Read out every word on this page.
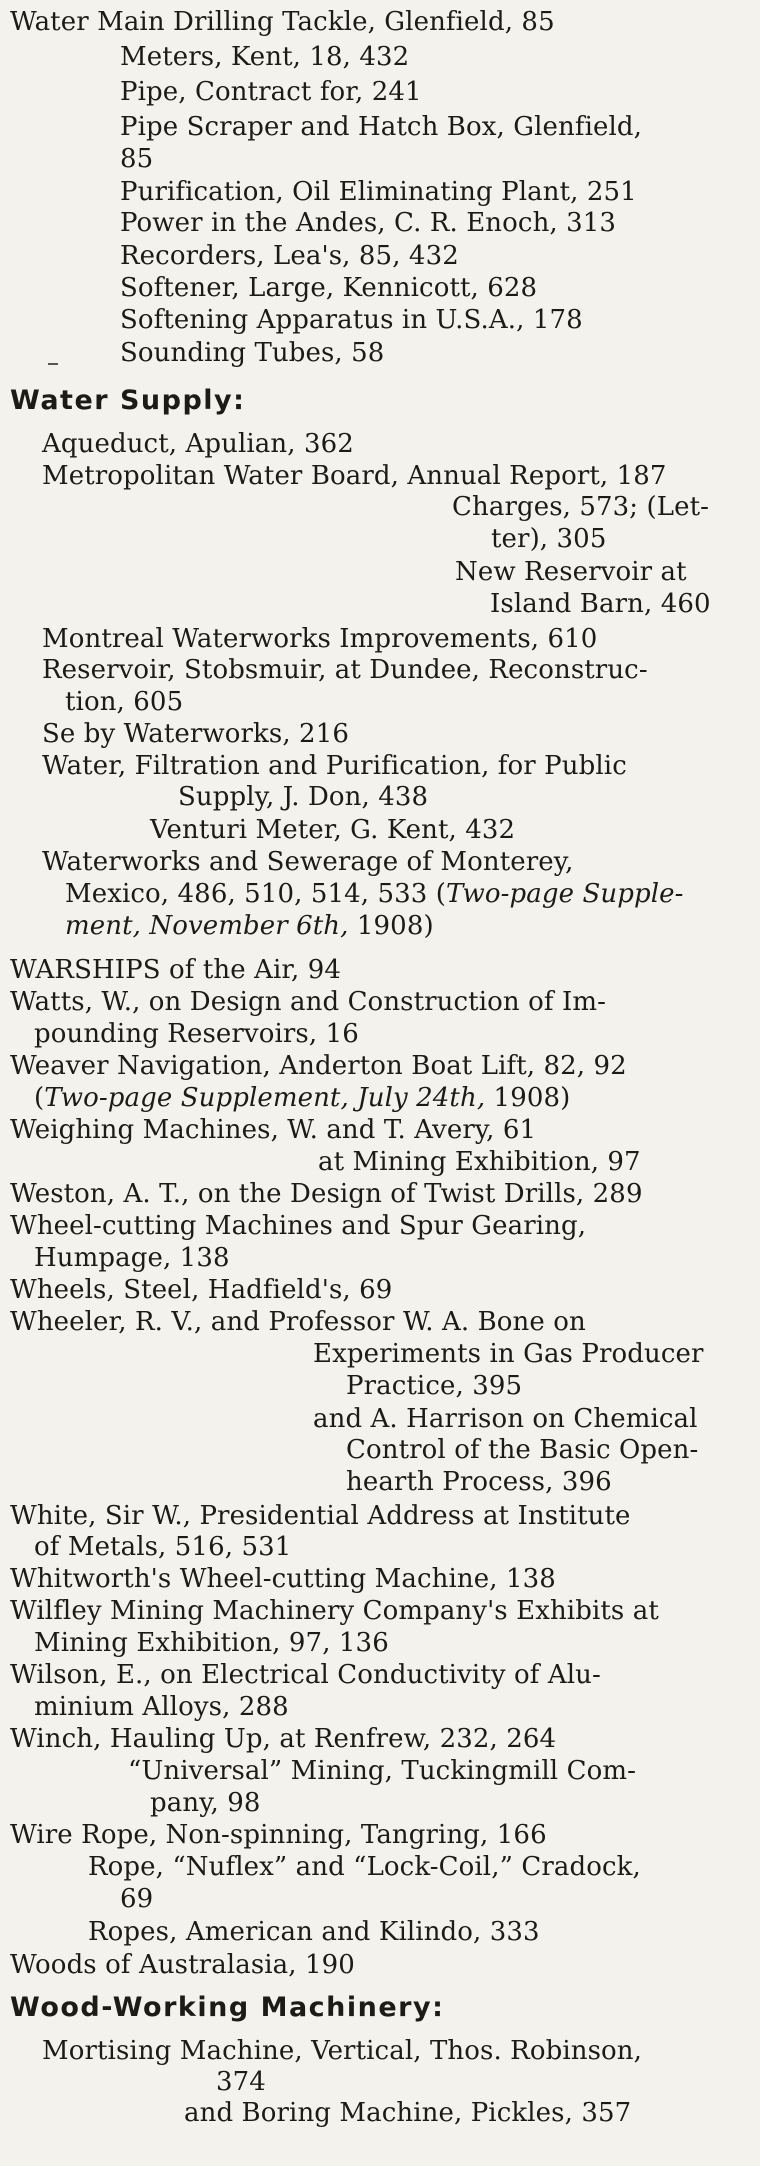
Water Main Drilling Tackle, Glenfield, 85
Meters, Kent, 18, 432
Pipe, Contract for, 241
Pipe Scraper and Hatch Box, Glenfield,
85
Purification, Oil Eliminating Plant, 251
Power in the Andes, C. R. Enoch, 313
Recorders, Lea's, 85, 432
Softener, Large, Kennicott, 628
Softening Apparatus in U.S.A., 178
Sounding Tubes, 58
Water Supply:
Aqueduct, Apulian, 362
Metropolitan Water Board, Annual Report, 187
Charges, 573; (Let-
ter), 305
New Reservoir at
Island Barn, 460
Montreal Waterworks Improvements, 610
Reservoir, Stobsmuir, at Dundee, Reconstruc-
tion, 605
Se by Waterworks, 216
Water, Filtration and Purification, for Public
Supply, J. Don, 438
Venturi Meter, G. Kent, 432
Waterworks and Sewerage of Monterey,
Mexico, 486, 510, 514, 533 (Two-page Supple-
ment, November 6th, 1908)
WARSHIPS of the Air, 94
Watts, W., on Design and Construction of Im-
pounding Reservoirs, 16
Weaver Navigation, Anderton Boat Lift, 82, 92
(Two-page Supplement, July 24th, 1908)
Weighing Machines, W. and T. Avery, 61
at Mining Exhibition, 97
Weston, A. T., on the Design of Twist Drills, 289
Wheel-cutting Machines and Spur Gearing,
Humpage, 138
Wheels, Steel, Hadfield's, 69
Wheeler, R. V., and Professor W. A. Bone on
Experiments in Gas Producer
Practice, 395
and A. Harrison on Chemical
Control of the Basic Open-
hearth Process, 396
White, Sir W., Presidential Address at Institute
of Metals, 516, 531
Whitworth's Wheel-cutting Machine, 138
Wilfley Mining Machinery Company's Exhibits at
Mining Exhibition, 97, 136
Wilson, E., on Electrical Conductivity of Alu-
minium Alloys, 288
Winch, Hauling Up, at Renfrew, 232, 264
“Universal” Mining, Tuckingmill Com-
pany, 98
Wire Rope, Non-spinning, Tangring, 166
Rope, “Nuflex” and “Lock-Coil,” Cradock,
69
Ropes, American and Kilindo, 333
Woods of Australasia, 190
Wood-Working Machinery:
Mortising Machine, Vertical, Thos. Robinson,
374
and Boring Machine, Pickles, 357
